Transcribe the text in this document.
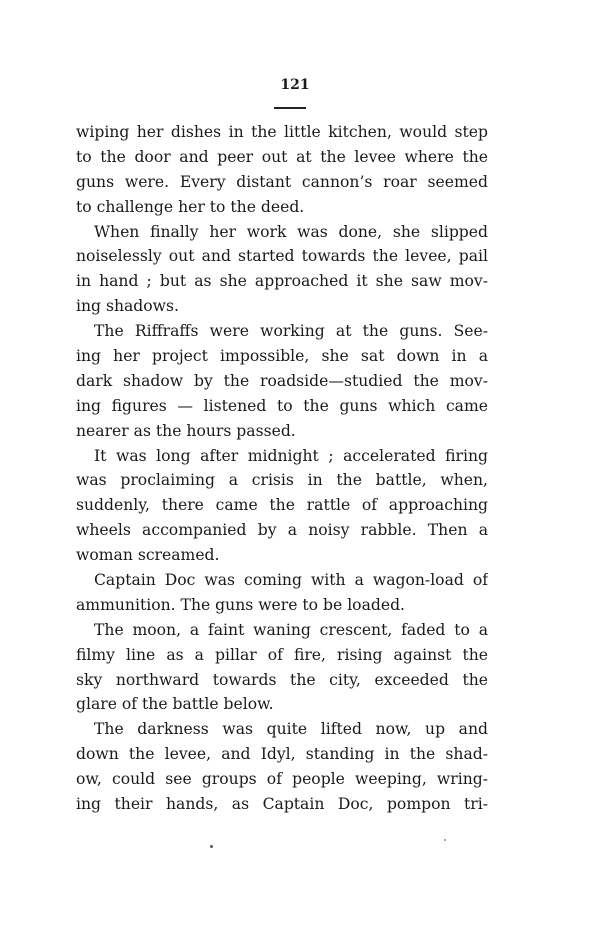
121
wiping her dishes in the little kitchen, would step
to the door and peer out at the levee where the
guns were. Every distant cannon’s roar seemed
to challenge her to the deed.
When finally her work was done, she slipped
noiselessly out and started towards the levee, pail
in hand ; but as she approached it she saw mov-
ing shadows.
The Riffraffs were working at the guns. See-
ing her project impossible, she sat down in a
dark shadow by the roadside—studied the mov-
ing figures — listened to the guns which came
nearer as the hours passed.
It was long after midnight ; accelerated firing
was proclaiming a crisis in the battle, when,
suddenly, there came the rattle of approaching
wheels accompanied by a noisy rabble. Then a
woman screamed.
Captain Doc was coming with a wagon-load of
ammunition. The guns were to be loaded.
The moon, a faint waning crescent, faded to a
filmy line as a pillar of fire, rising against the
sky northward towards the city, exceeded the
glare of the battle below.
The darkness was quite lifted now, up and
down the levee, and Idyl, standing in the shad-
ow, could see groups of people weeping, wring-
ing their hands, as Captain Doc, pompon tri-
